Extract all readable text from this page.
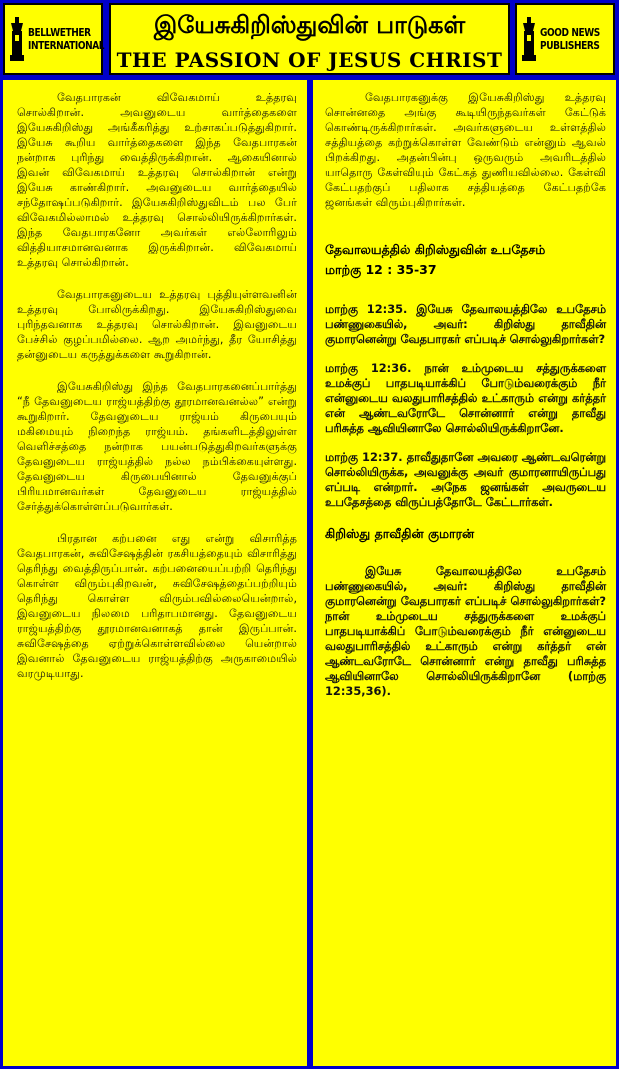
BELLWETHER
INTERNATIONAL
இயேசுகிறிஸ்துவின் பாடுகள்
THE PASSION OF JESUS CHRIST
GOOD NEWS
PUBLISHERS

வேதபாரகன் விவேகமாய் உத்தரவு சொல்கிறான். அவனுடைய வார்த்தைகளை இயேசுகிறிஸ்து அங்கீகரித்து உற்சாகப்படுத்துகிறார். இயேசு கூறிய வார்த்தைகளை இந்த வேதபாரகன் நன்றாக புரிந்து வைத்திருக்கிறான். ஆகையினால் இவன் விவேகமாய் உத்தரவு சொல்கிறான் என்று இயேசு காண்கிறார். அவனுடைய வார்த்தையில் சந்தோஷப்படுகிறார். இயேசுகிறிஸ்துவிடம் பல பேர் விவேகமில்லாமல் உத்தரவு சொல்லியிருக்கிறார்கள். இந்த வேதபாரகனோ அவர்கள் எல்லோரிலும் வித்தியாசமானவனாக இருக்கிறான். விவேகமாய் உத்தரவு சொல்கிறான்.

வேதபாரகனுடைய உத்தரவு புத்தியுள்ளவனின் உத்தரவு போலிருக்கிறது. இயேசுகிறிஸ்துவை புரிந்தவனாக உத்தரவு சொல்கிறான். இவனுடைய பேச்சில் குழப்பமில்லை. ஆற அமர்ந்து, தீர யோசித்து தன்னுடைய கருத்துக்களை கூறுகிறான்.

இயேசுகிறிஸ்து இந்த வேதபாரகனைப்பார்த்து “நீ தேவனுடைய ராஜ்யத்திற்கு தூரமானவனல்ல” என்று கூறுகிறார். தேவனுடைய ராஜ்யம் கிருபையும் மகிமையும் நிறைந்த ராஜ்யம். தங்களிடத்திலுள்ள வெளிச்சத்தை நன்றாக பயன்படுத்துகிறவர்களுக்கு தேவனுடைய ராஜ்யத்தில் நல்ல நம்பிக்கையுள்ளது. தேவனுடைய கிருபையினால் தேவனுக்குப் பிரியமானவர்கள் தேவனுடைய ராஜ்யத்தில் சேர்த்துக்கொள்ளப்படுவார்கள்.

பிரதான கற்பனை எது என்று விசாரித்த வேதபாரகன், சுவிசேஷத்தின் ரகசியத்தையும் விசாரித்து தெரிந்து வைத்திருப்பான். கற்பனையைப்பற்றி தெரிந்து கொள்ள விரும்புகிறவன், சுவிசேஷத்தைப்பற்றியும் தெரிந்து கொள்ள விரும்பவில்லையென்றால், இவனுடைய நிலமை பரிதாபமானது. தேவனுடைய ராஜ்யத்திற்கு தூரமானவனாகத் தான் இருப்பான். சுவிசேஷத்தை ஏற்றுக்கொள்ளவில்லை யென்றால் இவனால் தேவனுடைய ராஜ்யத்திற்கு அருகாமையில் வரமுடியாது.

வேதபாரகனுக்கு இயேசுகிறிஸ்து உத்தரவு சொன்னதை அங்கு கூடியிருந்தவர்கள் கேட்டுக் கொண்டிருக்கிறார்கள். அவர்களுடைய உள்ளத்தில் சத்தியத்தை கற்றுக்கொள்ள வேண்டும் என்னும் ஆவல் பிறக்கிறது. அதன்பின்பு ஒருவரும் அவரிடத்தில் யாதொரு கேள்வியும் கேட்கத் துணியவில்லை. கேள்வி கேட்பதற்குப் பதிலாக சத்தியத்தை கேட்பதற்கே ஜனங்கள் விரும்புகிறார்கள்.

தேவாலயத்தில் கிறிஸ்துவின் உபதேசம்
மாற்கு 12 : 35-37

மாற்கு 12:35. இயேசு தேவாலயத்திலே உபதேசம் பண்ணுகையில், அவர்: கிறிஸ்து தாவீதின் குமாரனென்று வேதபாரகர் எப்படிச் சொல்லுகிறார்கள்?

மாற்கு 12:36. நான் உம்முடைய சத்துருக்களை உமக்குப் பாதபடியாக்கிப் போடும்வரைக்கும் நீர் என்னுடைய வலதுபாரிசத்தில் உட்காரும் என்று கர்த்தர் என் ஆண்டவரோடே சொன்னார் என்று தாவீது பரிசுத்த ஆவியினாலே சொல்லியிருக்கிறானே.

மாற்கு 12:37. தாவீதுதானே அவரை ஆண்டவரென்று சொல்லியிருக்க, அவனுக்கு அவர் குமாரனாயிருப்பது எப்படி என்றார். அநேக ஜனங்கள் அவருடைய உபதேசத்தை விருப்பத்தோடே கேட்டார்கள்.

கிறிஸ்து தாவீதின் குமாரன்

இயேசு தேவாலயத்திலே உபதேசம் பண்ணுகையில், அவர்: கிறிஸ்து தாவீதின் குமாரனென்று வேதபாரகர் எப்படிச் சொல்லுகிறார்கள்? நான் உம்முடைய சத்துருக்களை உமக்குப் பாதபடியாக்கிப் போடும்வரைக்கும் நீர் என்னுடைய வலதுபாரிசத்தில் உட்காரும் என்று கர்த்தர் என் ஆண்டவரோடே சொன்னார் என்று தாவீது பரிசுத்த ஆவியினாலே சொல்லியிருக்கிறானே (மாற்கு 12:35,36).
